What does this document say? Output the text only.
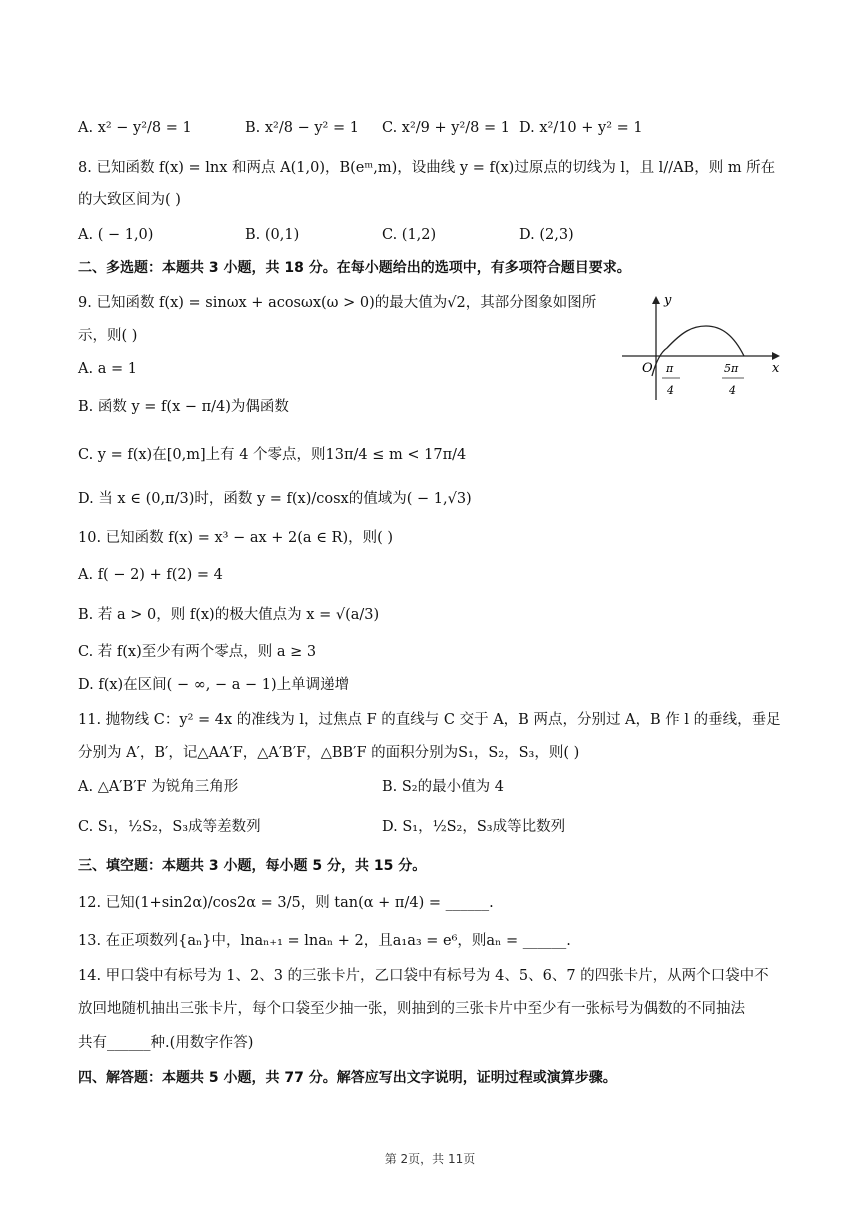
A. x² − y²/8 = 1	B. x²/8 − y² = 1 C. x²/9 + y²/8 = 1 D. x²/10 + y² = 1
8. 已知函数 f(x) = lnx 和两点 A(1,0)，B(eᵐ,m)，设曲线 y = f(x)过原点的切线为 l，且 l//AB，则 m 所在
的大致区间为( )
A. ( − 1,0)	B. (0,1)	C. (1,2)	D. (2,3)
二、多选题：本题共 3 小题，共 18 分。在每小题给出的选项中，有多项符合题目要求。
9. 已知函数 f(x) = sinωx + acosωx(ω > 0)的最大值为√2，其部分图象如图所
示，则( )
A. a = 1
B. 函数 y = f(x − π/4)为偶函数
C. y = f(x)在[0,m]上有 4 个零点，则13π/4 ≤ m < 17π/4
D. 当 x ∈ (0,π/3)时，函数 y = f(x)/cosx的值域为( − 1,√3)
y
x
O π
4
5π
4
10. 已知函数 f(x) = x³ − ax + 2(a ∈ R)，则( )
A. f( − 2) + f(2) = 4
B. 若 a > 0，则 f(x)的极大值点为 x = √(a/3)
C. 若 f(x)至少有两个零点，则 a ≥ 3
D. f(x)在区间( − ∞, − a − 1)上单调递增
11. 抛物线 C：y² = 4x 的准线为 l，过焦点 F 的直线与 C 交于 A，B 两点，分别过 A，B 作 l 的垂线，垂足
分别为 A′，B′，记△AA′F，△A′B′F，△BB′F 的面积分别为S₁，S₂，S₃，则( )
A. △A′B′F 为锐角三角形	B. S₂的最小值为 4
C. S₁，½S₂，S₃成等差数列	D. S₁，½S₂，S₃成等比数列
三、填空题：本题共 3 小题，每小题 5 分，共 15 分。
12. 已知(1+sin2α)/cos2α = 3/5，则 tan(α + π/4) = ______.
13. 在正项数列{aₙ}中，lnaₙ₊₁ = lnaₙ + 2，且a₁a₃ = e⁶，则aₙ = ______.
14. 甲口袋中有标号为 1、2、3 的三张卡片，乙口袋中有标号为 4、5、6、7 的四张卡片，从两个口袋中不
放回地随机抽出三张卡片，每个口袋至少抽一张，则抽到的三张卡片中至少有一张标号为偶数的不同抽法
共有______种.(用数字作答)
四、解答题：本题共 5 小题，共 77 分。解答应写出文字说明，证明过程或演算步骤。
第 2页，共 11页
